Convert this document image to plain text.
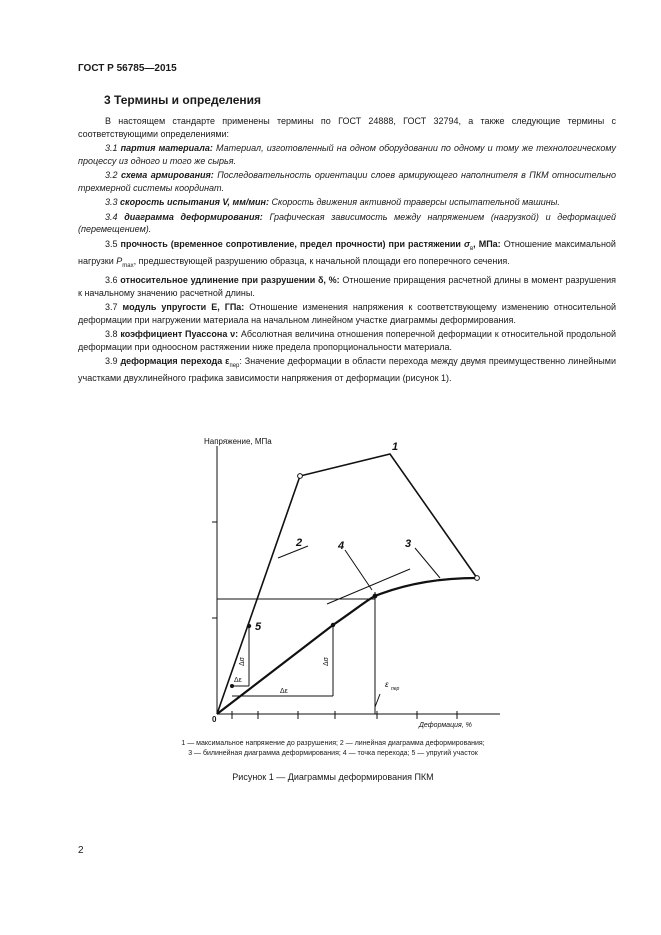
ГОСТ Р 56785—2015
3 Термины и определения

В настоящем стандарте применены термины по ГОСТ 24888, ГОСТ 32794, а также следующие термины с соответствующими определениями:

3.1 партия материала: Материал, изготовленный на одном оборудовании по одному и тому же технологическому процессу из одного и того же сырья.

3.2 схема армирования: Последовательность ориентации слоев армирующего наполнителя в ПКМ относительно трехмерной системы координат.

3.3 скорость испытания V, мм/мин: Скорость движения активной траверсы испытательной машины.

3.4 диаграмма деформирования: Графическая зависимость между напряжением (нагрузкой) и деформацией (перемещением).

3.5 прочность (временное сопротивление, предел прочности) при растяжении $\sigma_в$, МПа: Отношение максимальной нагрузки $P_{max}$, предшествующей разрушению образца, к начальной площади его поперечного сечения.

3.6 относительное удлинение при разрушении δ, %: Отношение приращения расчетной длины в момент разрушения к начальному значению расчетной длины.

3.7 модуль упругости E, ГПа: Отношение изменения напряжения к соответствующему изменению относительной деформации при нагружении материала на начальном линейном участке диаграммы деформирования.

3.8 коэффициент Пуассона ν: Абсолютная величина отношения поперечной деформации к относительной продольной деформации при одноосном растяжении ниже предела пропорциональности материала.

3.9 деформация перехода $\varepsilon_{пер}$: Значение деформации в области перехода между двумя преимущественно линейными участками двухлинейного графика зависимости напряжения от деформации (рисунок 1).

Напряжение, МПа
Деформация, %
0
1
2	3
4
5
Δσ	Δσ
Δε
Δε
ε пер
1 — максимальное напряжение до разрушения; 2 — линейная диаграмма деформирования;
3 — билинейная диаграмма деформирования; 4 — точка перехода; 5 — упругий участок
Рисунок 1 — Диаграммы деформирования ПКМ
2
